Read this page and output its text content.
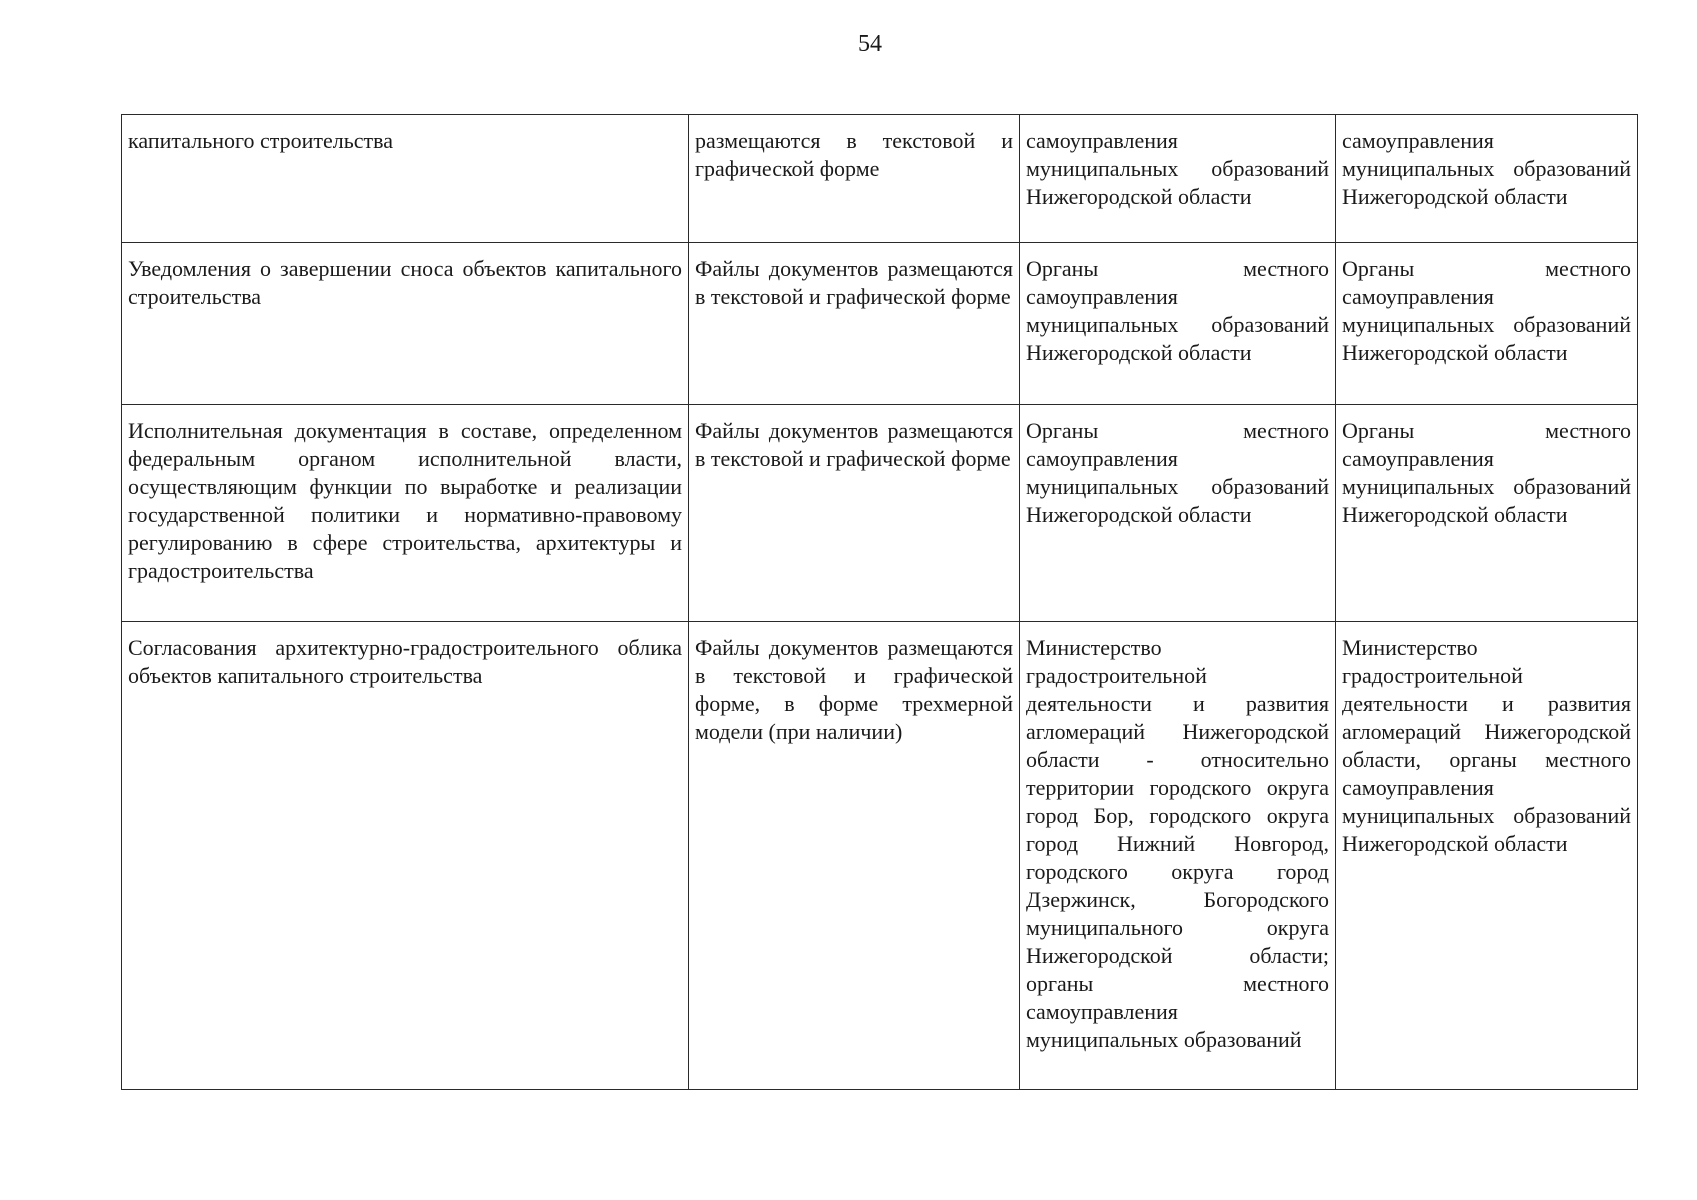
54
капитального строительства	размещаются в текстовой и графической форме	самоуправления муниципальных образований Нижегородской области	самоуправления муниципальных образований Нижегородской области
Уведомления о завершении сноса объектов капитального строительства	Файлы документов размещаются в текстовой и графической форме	Органы местного самоуправления муниципальных образований Нижегородской области	Органы местного самоуправления муниципальных образований Нижегородской области
Исполнительная документация в составе, определенном федеральным органом исполнительной власти, осуществляющим функции по выработке и реализации государственной политики и нормативно-правовому регулированию в сфере строительства, архитектуры и градостроительства	Файлы документов размещаются в текстовой и графической форме	Органы местного самоуправления муниципальных образований Нижегородской области	Органы местного самоуправления муниципальных образований Нижегородской области
Согласования архитектурно-градостроительного облика объектов капитального строительства	Файлы документов размещаются в текстовой и графической форме, в форме трехмерной модели (при наличии)	Министерство градостроительной деятельности и развития агломераций Нижегородской области - относительно территории городского округа город Бор, городского округа город Нижний Новгород, городского округа город Дзержинск, Богородского муниципального округа Нижегородской области; органы местного самоуправления муниципальных образований	Министерство градостроительной деятельности и развития агломераций Нижегородской области, органы местного самоуправления муниципальных образований Нижегородской области
